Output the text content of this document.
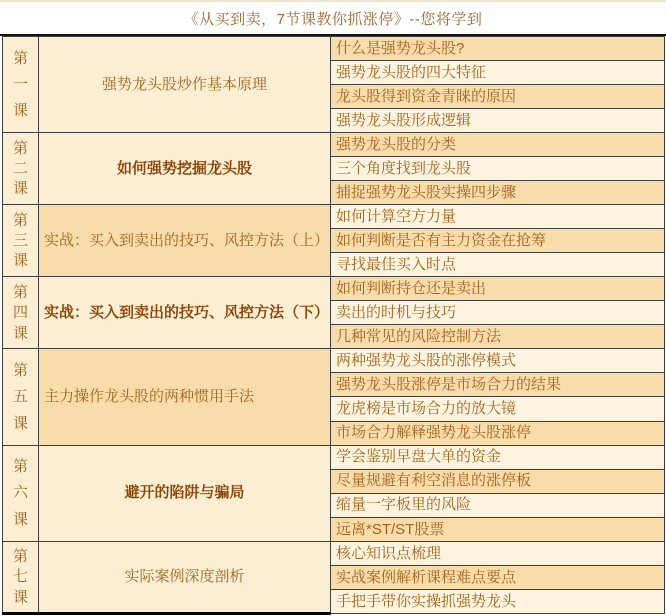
《从买到卖，7节课教你抓涨停》--您将学到
第
一
课	强势龙头股炒作基本原理	什么是强势龙头股?
		强势龙头股的四大特征
		龙头股得到资金青睐的原因
		强势龙头股形成逻辑

第
二
课	如何强势挖掘龙头股	强势龙头股的分类
		三个角度找到龙头股
		捕捉强势龙头股实操四步骤

第
三
课	实战：买入到卖出的技巧、风控方法（上）	如何计算空方力量
		如何判断是否有主力资金在抢筹
		寻找最佳买入时点

第
四
课	实战：买入到卖出的技巧、风控方法（下）	如何判断持仓还是卖出
		卖出的时机与技巧
		几种常见的风险控制方法

第
五
课	主力操作龙头股的两种惯用手法	两种强势龙头股的涨停模式
		强势龙头股涨停是市场合力的结果
		龙虎榜是市场合力的放大镜
		市场合力解释强势龙头股涨停

第
六
课	避开的陷阱与骗局	学会鉴别早盘大单的资金
		尽量规避有利空消息的涨停板
		缩量一字板里的风险
		远离*ST/ST股票

第
七
课	实际案例深度剖析	核心知识点梳理
		实战案例解析课程难点要点
		手把手带你实操抓强势龙头
